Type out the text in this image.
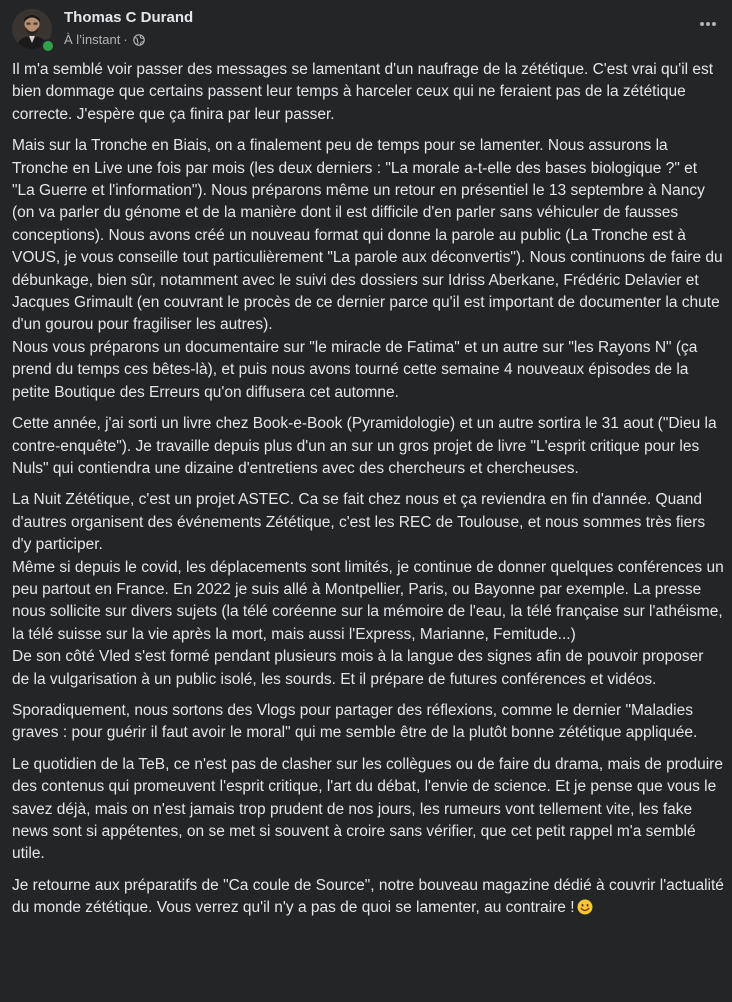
Thomas C Durand
À l’instant ·

Il m'a semblé voir passer des messages se lamentant d'un naufrage de la zététique. C'est vrai qu'il est bien dommage que certains passent leur temps à harceler ceux qui ne feraient pas de la zététique correcte. J'espère que ça finira par leur passer.

Mais sur la Tronche en Biais, on a finalement peu de temps pour se lamenter. Nous assurons la Tronche en Live une fois par mois (les deux derniers : "La morale a-t-elle des bases biologique ?" et "La Guerre et l'information"). Nous préparons même un retour en présentiel le 13 septembre à Nancy (on va parler du génome et de la manière dont il est difficile d'en parler sans véhiculer de fausses conceptions). Nous avons créé un nouveau format qui donne la parole au public (La Tronche est à VOUS, je vous conseille tout particulièrement "La parole aux déconvertis"). Nous continuons de faire du débunkage, bien sûr, notamment avec le suivi des dossiers sur Idriss Aberkane, Frédéric Delavier et Jacques Grimault (en couvrant le procès de ce dernier parce qu'il est important de documenter la chute d'un gourou pour fragiliser les autres).
Nous vous préparons un documentaire sur "le miracle de Fatima" et un autre sur "les Rayons N" (ça prend du temps ces bêtes-là), et puis nous avons tourné cette semaine 4 nouveaux épisodes de la petite Boutique des Erreurs qu'on diffusera cet automne.

Cette année, j'ai sorti un livre chez Book-e-Book (Pyramidologie) et un autre sortira le 31 aout ("Dieu la contre-enquête"). Je travaille depuis plus d'un an sur un gros projet de livre "L'esprit critique pour les Nuls" qui contiendra une dizaine d'entretiens avec des chercheurs et chercheuses.

La Nuit Zététique, c'est un projet ASTEC. Ca se fait chez nous et ça reviendra en fin d'année. Quand d'autres organisent des événements Zététique, c'est les REC de Toulouse, et nous sommes très fiers d'y participer.
Même si depuis le covid, les déplacements sont limités, je continue de donner quelques conférences un peu partout en France. En 2022 je suis allé à Montpellier, Paris, ou Bayonne par exemple. La presse nous sollicite sur divers sujets (la télé coréenne sur la mémoire de l'eau, la télé française sur l'athéisme, la télé suisse sur la vie après la mort, mais aussi l'Express, Marianne, Femitude...)
De son côté Vled s'est formé pendant plusieurs mois à la langue des signes afin de pouvoir proposer de la vulgarisation à un public isolé, les sourds. Et il prépare de futures conférences et vidéos.

Sporadiquement, nous sortons des Vlogs pour partager des réflexions, comme le dernier "Maladies graves : pour guérir il faut avoir le moral" qui me semble être de la plutôt bonne zététique appliquée.

Le quotidien de la TeB, ce n'est pas de clasher sur les collègues ou de faire du drama, mais de produire des contenus qui promeuvent l'esprit critique, l'art du débat, l'envie de science. Et je pense que vous le savez déjà, mais on n'est jamais trop prudent de nos jours, les rumeurs vont tellement vite, les fake news sont si appétentes, on se met si souvent à croire sans vérifier, que cet petit rappel m'a semblé utile.

Je retourne aux préparatifs de "Ca coule de Source", notre bouveau magazine dédié à couvrir l'actualité du monde zététique. Vous verrez qu'il n'y a pas de quoi se lamenter, au contraire !
